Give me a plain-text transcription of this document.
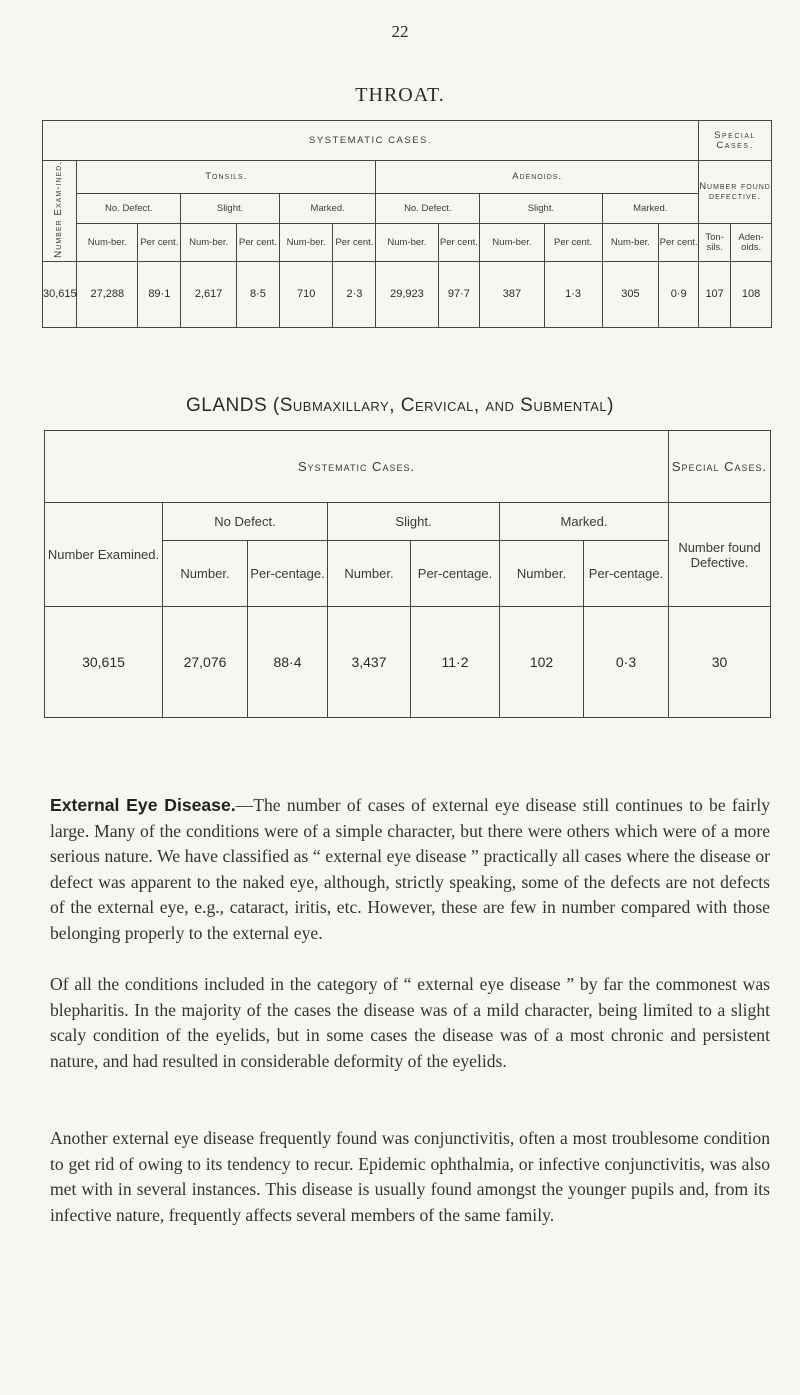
22
THROAT.
SYSTEMATIC CASES.													Special Cases.	
Number Exam-ined.	Tonsils.						Adenoids.						Number found defective.	
	No. Defect.		Slight.		Marked.		No. Defect.		Slight.		Marked.			
	Num-ber.	Per cent.	Num-ber.	Per cent.	Num-ber.	Per cent.	Num-ber.	Per cent.	Num-ber.	Per cent.	Num-ber.	Per cent.	Ton-sils.	Aden-oids.
30,615	27,288	89·1	2,617	8·5	710	2·3	29,923	97·7	387	1·3	305	0·9	107	108
GLANDS (Submaxillary, Cervical, and Submental)
Systematic Cases.							Special Cases.
Number Examined.	No Defect.		Slight.		Marked.		Number found Defective.
	Number.	Per-centage.	Number.	Per-centage.	Number.	Per-centage.	
30,615	27,076	88·4	3,437	11·2	102	0·3	30

External Eye Disease.—The number of cases of external eye disease still continues to be fairly large. Many of the conditions were of a simple character, but there were others which were of a more serious nature. We have classified as “ external eye disease ” practically all cases where the disease or defect was apparent to the naked eye, although, strictly speaking, some of the defects are not defects of the external eye, e.g., cataract, iritis, etc. However, these are few in number compared with those belonging properly to the external eye.

Of all the conditions included in the category of “ external eye disease ” by far the commonest was blepharitis. In the majority of the cases the disease was of a mild character, being limited to a slight scaly condition of the eyelids, but in some cases the disease was of a most chronic and persistent nature, and had resulted in considerable deformity of the eyelids.

Another external eye disease frequently found was conjunctivitis, often a most troublesome condition to get rid of owing to its tendency to recur. Epidemic ophthalmia, or infective conjunctivitis, was also met with in several instances. This disease is usually found amongst the younger pupils and, from its infective nature, frequently affects several members of the same family.
